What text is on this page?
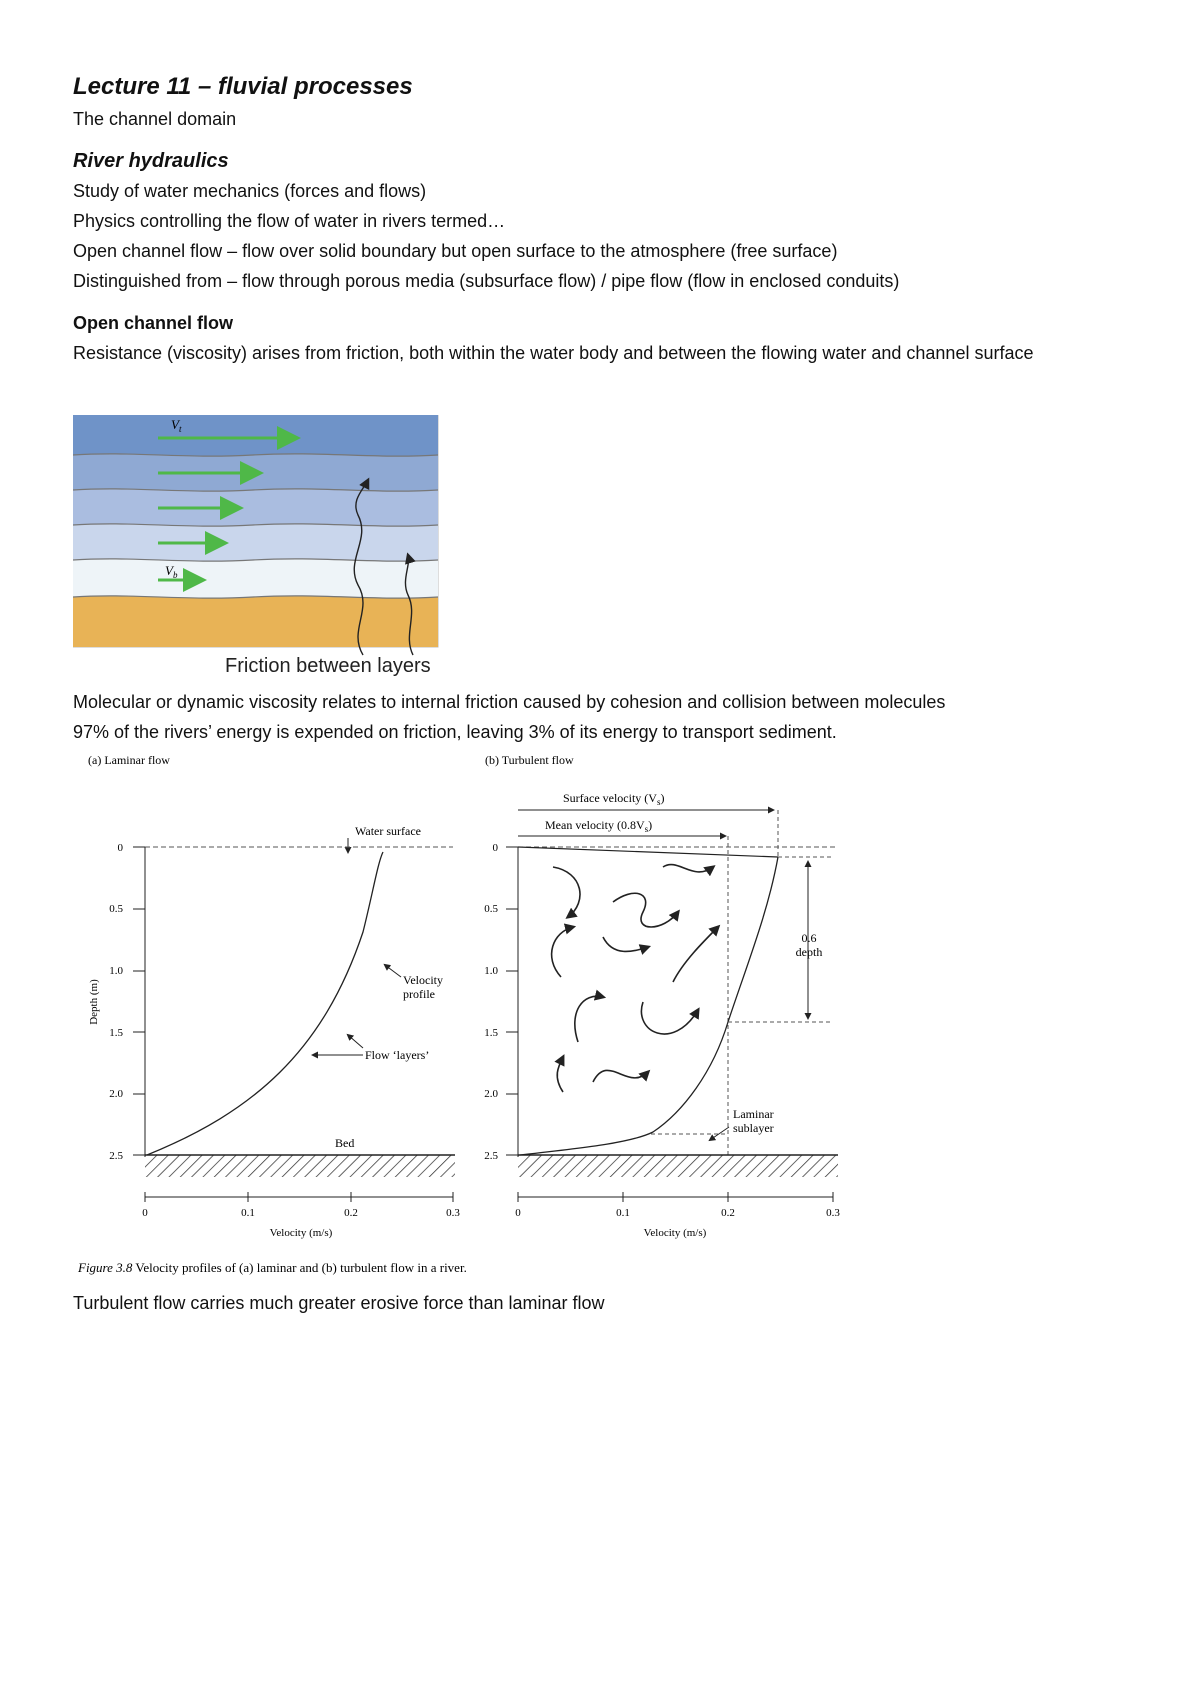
Lecture 11 – fluvial processes

The channel domain

River hydraulics

Study of water mechanics (forces and flows)

Physics controlling the flow of water in rivers termed…

Open channel flow – flow over solid boundary but open surface to the atmosphere (free surface)

Distinguished from – flow through porous media (subsurface flow) / pipe flow (flow in enclosed conduits)

Open channel flow

Resistance (viscosity) arises from friction, both within the water body and between the flowing water and channel surface

$V_t$
$V_b$
Friction between layers

Molecular or dynamic viscosity relates to internal friction caused by cohesion and collision between molecules

97% of the rivers’ energy is expended on friction, leaving 3% of its energy to transport sediment.

(a) Laminar flow
Water surface
0
0.5
1.0
1.5
2.0
2.5
Depth (m)	Velocity profile
Flow ‘layers’
Bed
0	0.1	0.2	0.3
Velocity (m/s)
(b) Turbulent flow
Surface velocity $(V_s)$
Mean velocity $(0.8V_s)$
0
0.5
1.0
1.5
2.0
2.5
0.6 depth
Laminar sublayer
0	0.1	0.2	0.3
Velocity (m/s)
Figure 3.8 Velocity profiles of (a) laminar and (b) turbulent flow in a river.

Turbulent flow carries much greater erosive force than laminar flow
